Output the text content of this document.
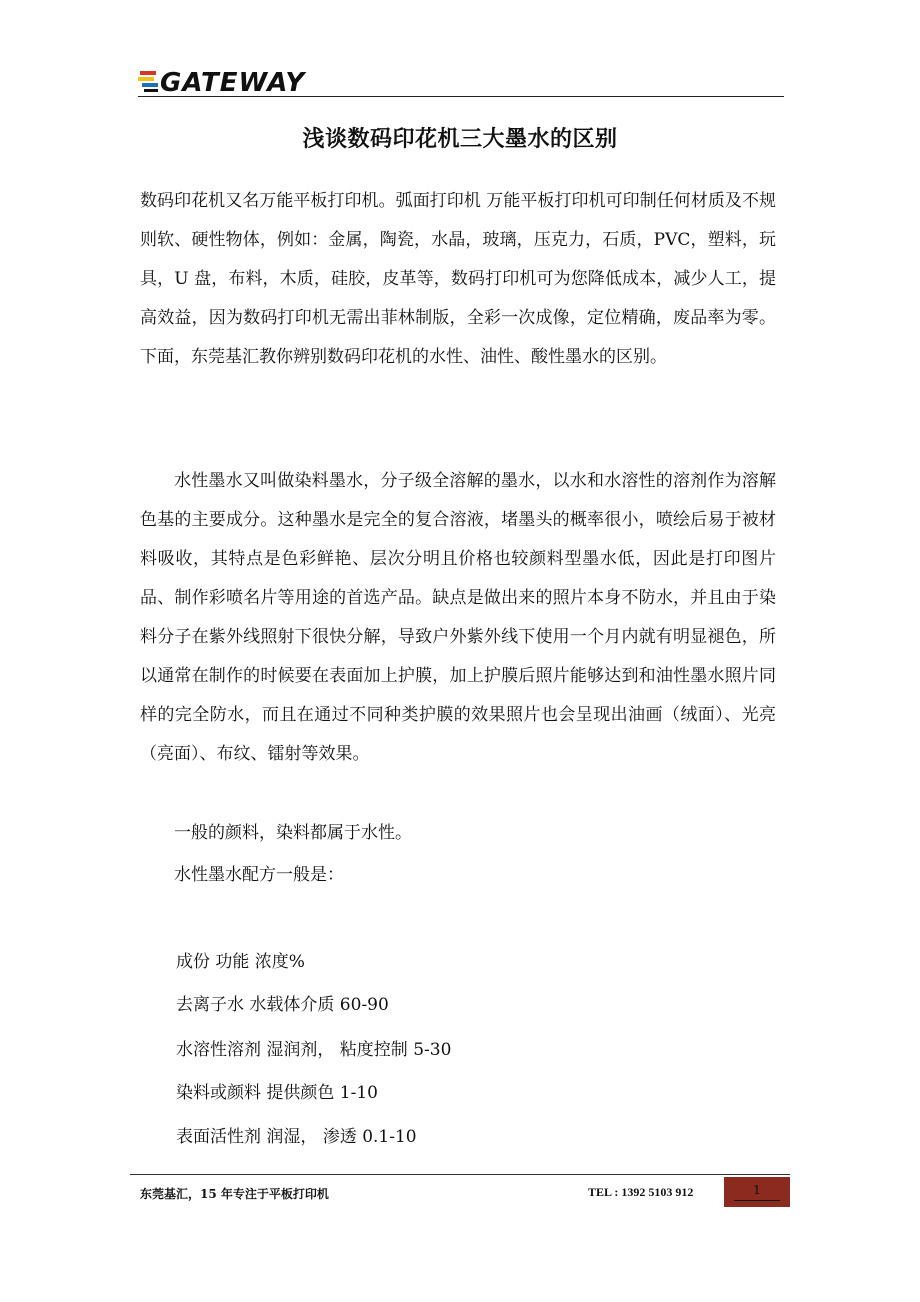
GATEWAY
浅谈数码印花机三大墨水的区别

数码印花机又名万能平板打印机。弧面打印机 万能平板打印机可印制任何材质及不规则软、硬性物体，例如：金属，陶瓷，水晶，玻璃，压克力，石质，PVC，塑料，玩具，U 盘，布料，木质，硅胶，皮革等，数码打印机可为您降低成本，减少人工，提高效益，因为数码打印机无需出菲林制版，全彩一次成像，定位精确，废品率为零。 下面，东莞基汇教你辨别数码印花机的水性、油性、酸性墨水的区别。

水性墨水又叫做染料墨水，分子级全溶解的墨水，以水和水溶性的溶剂作为溶解色基的主要成分。这种墨水是完全的复合溶液，堵墨头的概率很小，喷绘后易于被材料吸收，其特点是色彩鲜艳、层次分明且价格也较颜料型墨水低，因此是打印图片品、制作彩喷名片等用途的首选产品。缺点是做出来的照片本身不防水，并且由于染料分子在紫外线照射下很快分解，导致户外紫外线下使用一个月内就有明显褪色，所以通常在制作的时候要在表面加上护膜，加上护膜后照片能够达到和油性墨水照片同样的完全防水，而且在通过不同种类护膜的效果照片也会呈现出油画（绒面）、光亮（亮面）、布纹、镭射等效果。

一般的颜料，染料都属于水性。

水性墨水配方一般是：

成份 功能 浓度%

去离子水 水载体介质 60-90

水溶性溶剂 湿润剂， 粘度控制 5-30

染料或颜料 提供颜色 1-10

表面活性剂 润湿， 渗透 0.1-10

东莞基汇，15 年专注于平板打印机	TEL : 1392 5103 912	1
